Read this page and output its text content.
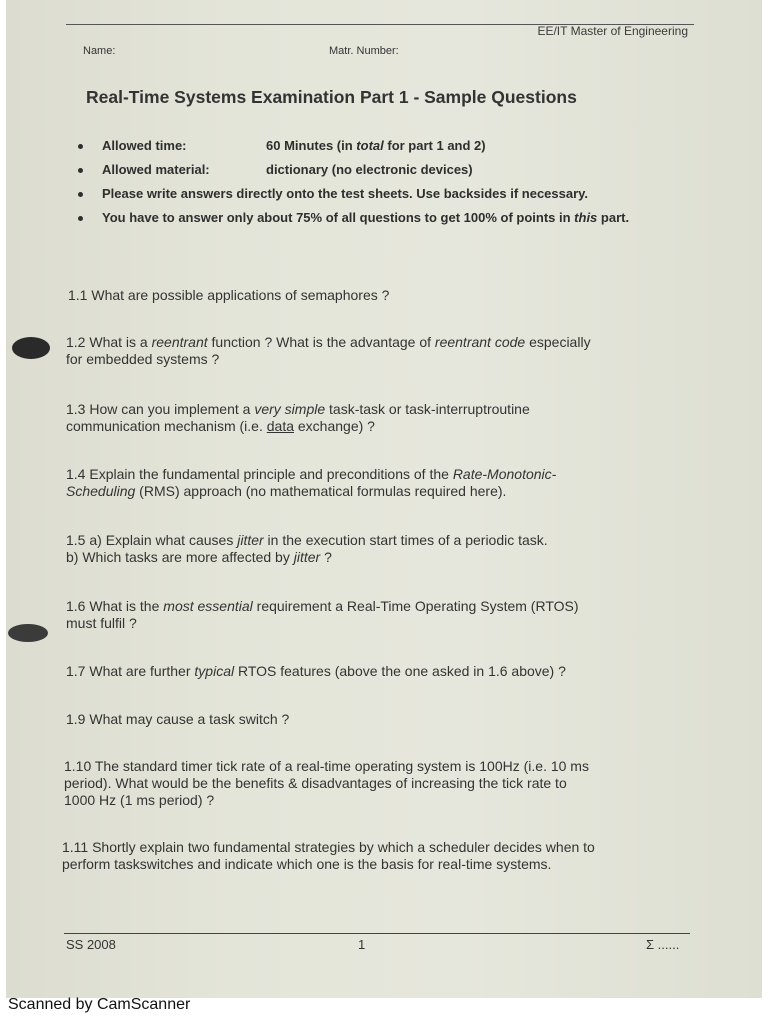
EE/IT Master of Engineering
Name:	Matr. Number:
Real-Time Systems Examination Part 1 - Sample Questions
Allowed time:	60 Minutes (in total for part 1 and 2)
Allowed material:	dictionary (no electronic devices)
Please write answers directly onto the test sheets. Use backsides if necessary.
You have to answer only about 75% of all questions to get 100% of points in this part.
1.1 What are possible applications of semaphores ?
1.2 What is a reentrant function ? What is the advantage of reentrant code especially
for embedded systems ?
1.3 How can you implement a very simple task-task or task-interruptroutine
communication mechanism (i.e. data exchange) ?
1.4 Explain the fundamental principle and preconditions of the Rate-Monotonic-
Scheduling (RMS) approach (no mathematical formulas required here).
1.5 a) Explain what causes jitter in the execution start times of a periodic task.
b) Which tasks are more affected by jitter ?
1.6 What is the most essential requirement a Real-Time Operating System (RTOS)
must fulfil ?
1.7 What are further typical RTOS features (above the one asked in 1.6 above) ?
1.9 What may cause a task switch ?
1.10 The standard timer tick rate of a real-time operating system is 100Hz (i.e. 10 ms
period). What would be the benefits & disadvantages of increasing the tick rate to
1000 Hz (1 ms period) ?
1.11 Shortly explain two fundamental strategies by which a scheduler decides when to
perform taskswitches and indicate which one is the basis for real-time systems.
SS 2008	1	Σ ......
Scanned by CamScanner
